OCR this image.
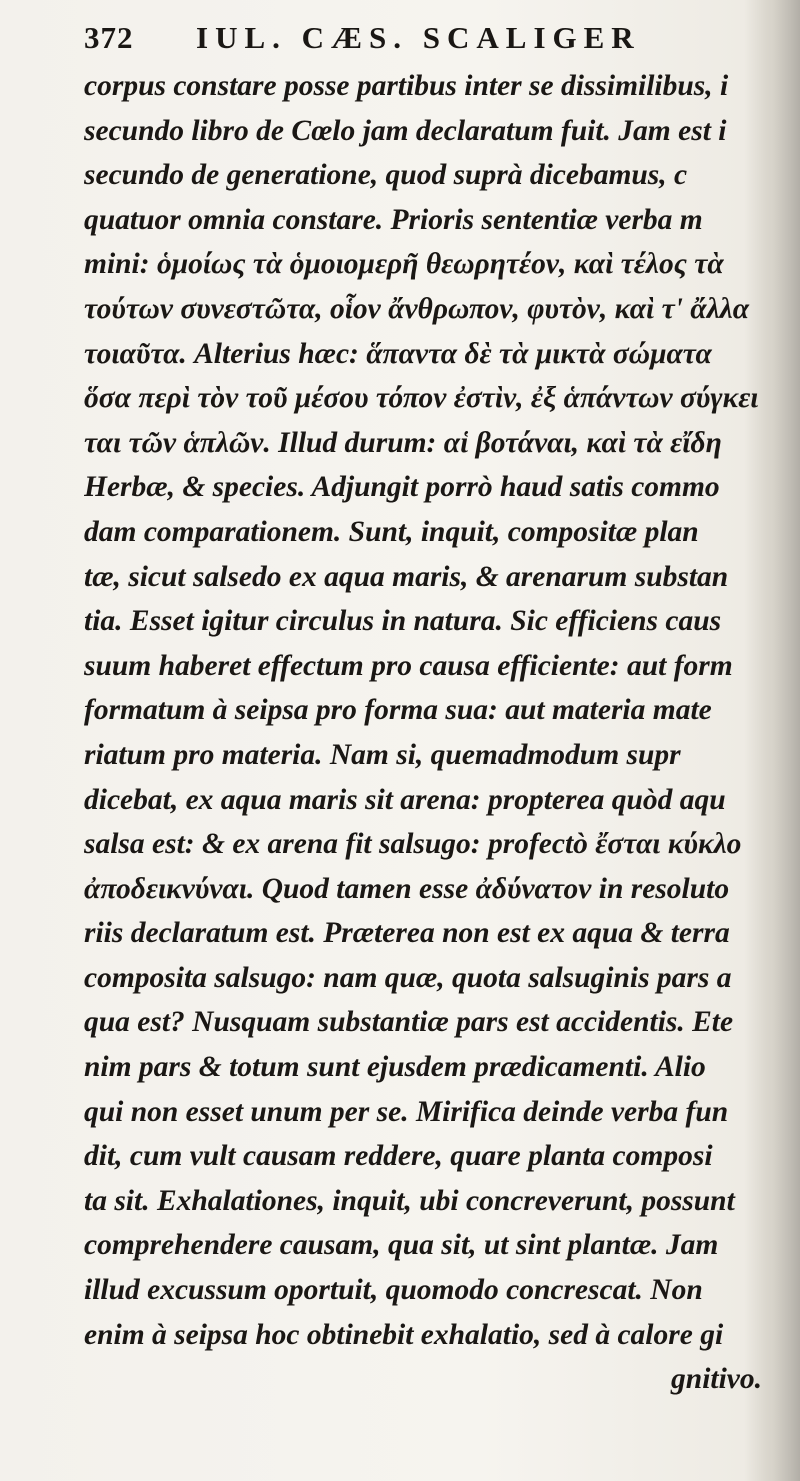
372 IUL. CÆS. SCALIGER
corpus constare posse partibus inter se dissimilibus, i
secundo libro de Cœlo jam declaratum fuit. Jam est i
secundo de generatione, quod suprà dicebamus, c
quatuor omnia constare. Prioris sententiæ verba m
mini: ὁμοίως τὰ ὁμοιομερῆ θεωρητέον, καὶ τέλος τὰ
τούτων συνεστῶτα, οἷον ἄνθρωπον, φυτὸν, καὶ τ' ἄλλα
τοιαῦτα. Alterius hæc: ἅπαντα δὲ τὰ μικτὰ σώματα
ὅσα περὶ τὸν τοῦ μέσου τόπον ἐστὶν, ἐξ ἁπάντων σύγκει
ται τῶν ἁπλῶν. Illud durum: αἱ βοτάναι, καὶ τὰ εἴδη
Herbæ, & species. Adjungit porrò haud satis commo
dam comparationem. Sunt, inquit, compositæ plan
tæ, sicut salsedo ex aqua maris, & arenarum substan
tia. Esset igitur circulus in natura. Sic efficiens caus
suum haberet effectum pro causa efficiente: aut form
formatum à seipsa pro forma sua: aut materia mate
riatum pro materia. Nam si, quemadmodum supr
dicebat, ex aqua maris sit arena: propterea quòd aqu
salsa est: & ex arena fit salsugo: profectò ἔσται κύκλο
ἀποδεικνύναι. Quod tamen esse ἀδύνατον in resoluto
riis declaratum est. Præterea non est ex aqua & terra
composita salsugo: nam quæ, quota salsuginis pars a
qua est? Nusquam substantiæ pars est accidentis. Ete
nim pars & totum sunt ejusdem prædicamenti. Alio
qui non esset unum per se. Mirifica deinde verba fun
dit, cum vult causam reddere, quare planta composi
ta sit. Exhalationes, inquit, ubi concreverunt, possunt
comprehendere causam, qua sit, ut sint plantæ. Jam
illud excussum oportuit, quomodo concrescat. Non
enim à seipsa hoc obtinebit exhalatio, sed à calore gi
gnitivo.
